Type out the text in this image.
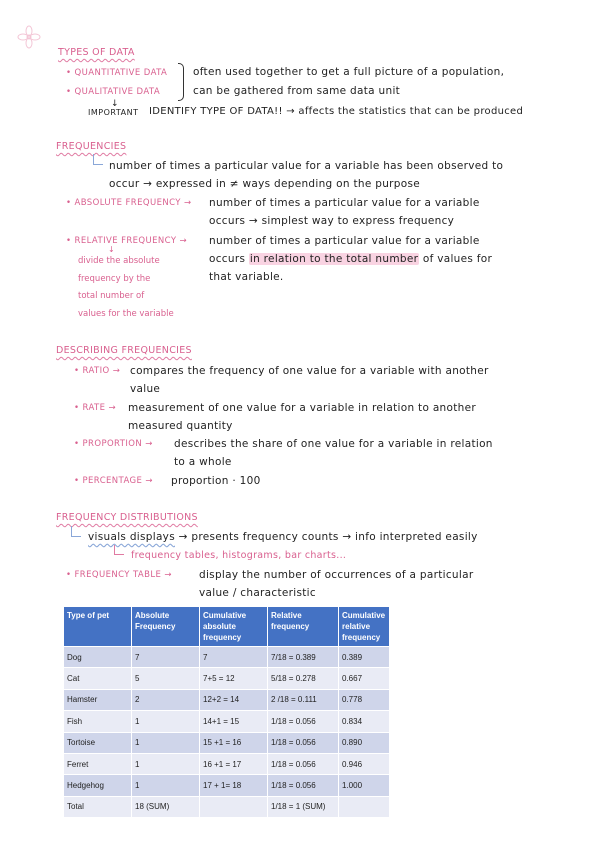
TYPES OF DATA
• QUANTITATIVE DATA
• QUALITATIVE DATA
often used together to get a full picture of a population,
can be gathered from same data unit
↓
IMPORTANT IDENTIFY TYPE OF DATA!! → affects the statistics that can be produced
FREQUENCIES
number of times a particular value for a variable has been observed to
occur → expressed in ≠ ways depending on the purpose
• ABSOLUTE FREQUENCY → number of times a particular value for a variable
occurs → simplest way to express frequency
• RELATIVE FREQUENCY →
↓
number of times a particular value for a variable
occurs in relation to the total number of values for
that variable.
divide the absolute
frequency by the
total number of
values for the variable
DESCRIBING FREQUENCIES
• RATIO → compares the frequency of one value for a variable with another
value
• RATE → measurement of one value for a variable in relation to another
measured quantity
• PROPORTION → describes the share of one value for a variable in relation
to a whole
• PERCENTAGE → proportion · 100
FREQUENCY DISTRIBUTIONS
visuals displays → presents frequency counts → info interpreted easily
frequency tables, histograms, bar charts...
• FREQUENCY TABLE →	display the number of occurrences of a particular
value / characteristic
Type of pet	Absolute Frequency	Cumulative absolute frequency	Relative frequency	Cumulative relative frequency
Dog	7	7	7/18 = 0.389	0.389
Cat	5	7+5 = 12	5/18 = 0.278	0.667
Hamster	2	12+2 = 14	2 /18 = 0.111	0.778
Fish	1	14+1 = 15	1/18 = 0.056	0.834
Tortoise	1	15 +1 = 16	1/18 = 0.056	0.890
Ferret	1	16 +1 = 17	1/18 = 0.056	0.946
Hedgehog	1	17 + 1= 18	1/18 = 0.056	1.000
Total	18 (SUM)		1/18 = 1 (SUM)	
